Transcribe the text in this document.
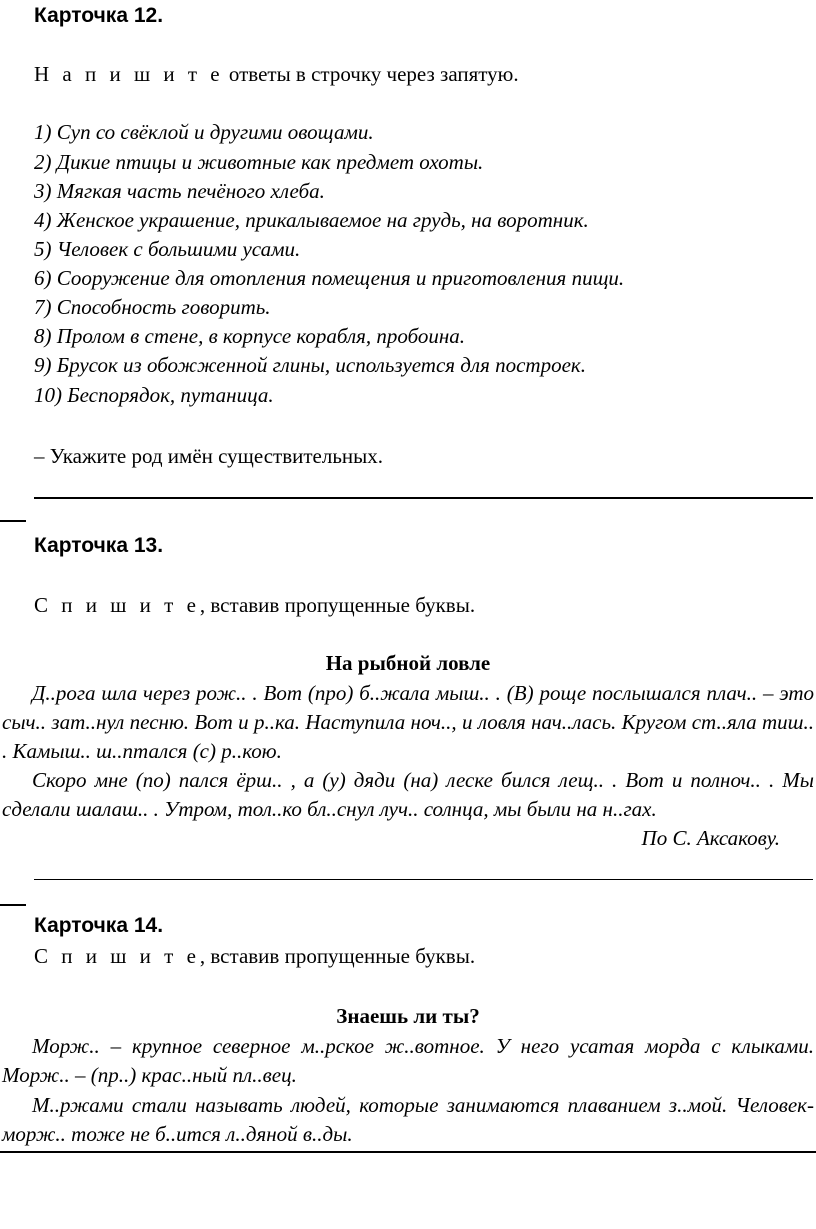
Карточка 12.
Н а п и ш и т е ответы в строчку через запятую.
1) Суп со свёклой и другими овощами.
2) Дикие птицы и животные как предмет охоты.
3) Мягкая часть печёного хлеба.
4) Женское украшение, прикалываемое на грудь, на воротник.
5) Человек с большими усами.
6) Сооружение для отопления помещения и приготовления пищи.
7) Способность говорить.
8) Пролом в стене, в корпусе корабля, пробоина.
9) Брусок из обожженной глины, используется для построек.
10) Беспорядок, путаница.
– Укажите род имён существительных.
Карточка 13.
С п и ш и т е, вставив пропущенные буквы.
На рыбной ловле

Д..рога шла через рож.. . Вот (про) б..жала мыш.. . (В) роще послышался плач.. – это сыч.. зат..нул песню. Вот и р..ка. Наступила ноч.., и ловля нач..лась. Кругом ст..яла тиш.. . Камыш.. ш..птался (с) р..кою.

Скоро мне (по) пался ёрш.. , а (у) дяди (на) леске бился лещ.. . Вот и полноч.. . Мы сделали шалаш.. . Утром, тол..ко бл..снул луч.. солнца, мы были на н..гах.

По С. Аксакову.
Карточка 14.
С п и ш и т е, вставив пропущенные буквы.
Знаешь ли ты?

Морж.. – крупное северное м..рское ж..вотное. У него усатая морда с клыками. Морж.. – (пр..) крас..ный пл..вец.

М..ржами стали называть людей, которые занимаются плаванием з..мой. Человек-морж.. тоже не б..ится л..дяной в..ды.
